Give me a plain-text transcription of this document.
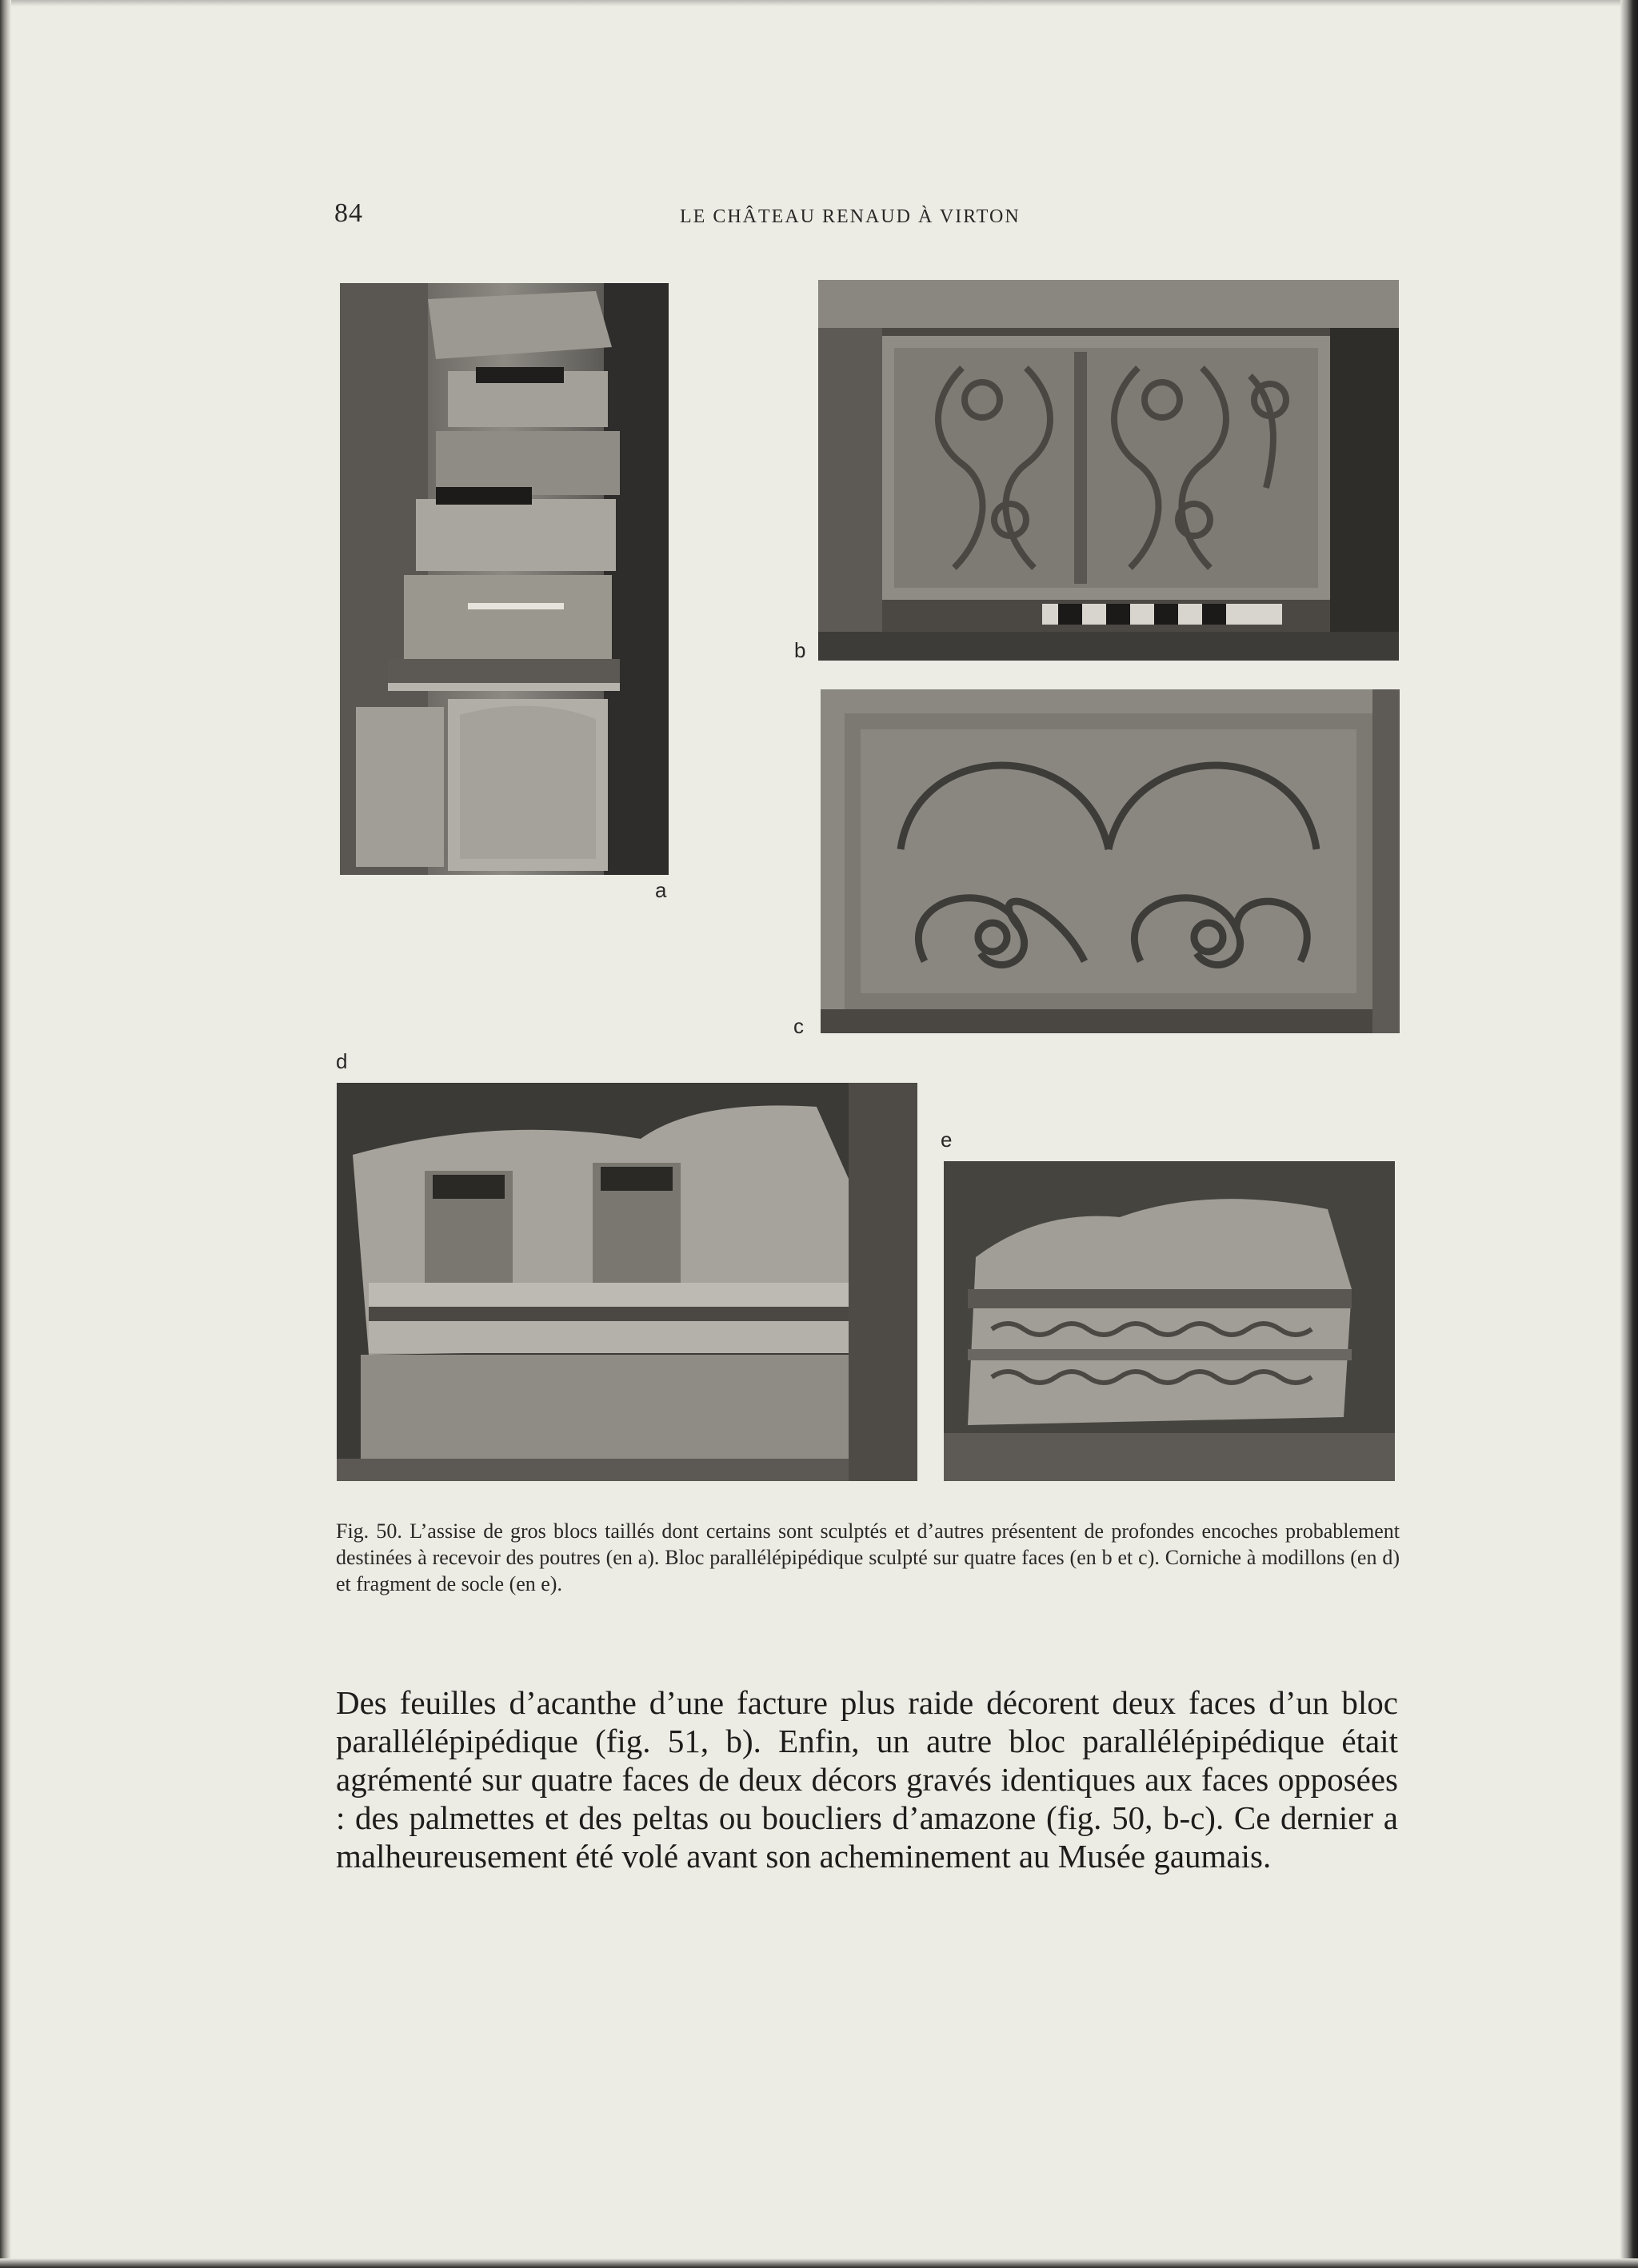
84	LE CHÂTEAU RENAUD À VIRTON
a
b
c
d
e
Fig. 50. L’assise de gros blocs taillés dont certains sont sculptés et d’autres présentent de profondes encoches probablement destinées à recevoir des poutres (en a). Bloc parallélépipédique sculpté sur quatre faces (en b et c). Corniche à modillons (en d) et fragment de socle (en e).
Des feuilles d’acanthe d’une facture plus raide décorent deux faces d’un bloc parallélépipédique (fig. 51, b). Enfin, un autre bloc parallélépipédique était agrémenté sur quatre faces de deux décors gravés identiques aux faces opposées : des palmettes et des peltas ou boucliers d’amazone (fig. 50, b-c). Ce dernier a malheureusement été volé avant son acheminement au Musée gaumais.
